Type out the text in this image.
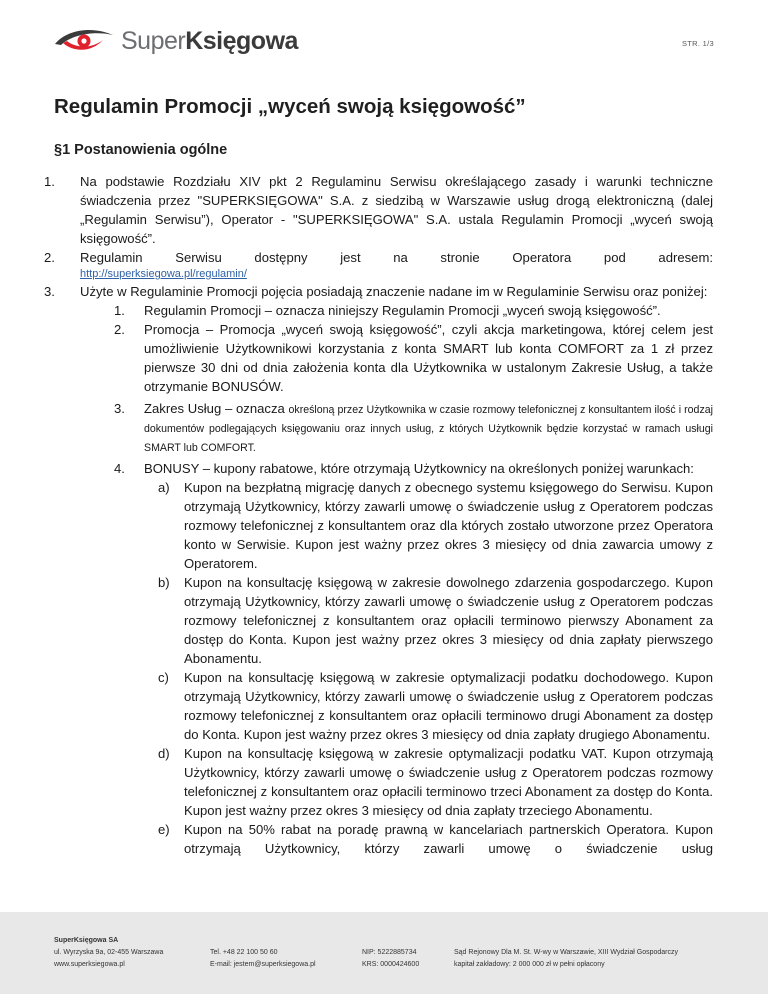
SuperKsięgowa	STR. 1/3
Regulamin Promocji „wyceń swoją księgowość”
§1 Postanowienia ogólne
1.	Na podstawie Rozdziału XIV pkt 2 Regulaminu Serwisu określającego zasady i warunki techniczne świadczenia przez "SUPERKSIĘGOWA" S.A. z siedzibą w Warszawie usług drogą elektroniczną (dalej „Regulamin Serwisu”), Operator - "SUPERKSIĘGOWA" S.A. ustala Regulamin Promocji „wyceń swoją księgowość”.
2.	Regulamin Serwisu dostępny jest na stronie Operatora pod adresem:
http://superksiegowa.pl/regulamin/
3.	Użyte w Regulaminie Promocji pojęcia posiadają znaczenie nadane im w Regulaminie Serwisu oraz poniżej:
1.	Regulamin Promocji – oznacza niniejszy Regulamin Promocji „wyceń swoją księgowość”.
2.	Promocja – Promocja „wyceń swoją księgowość”, czyli akcja marketingowa, której celem jest umożliwienie Użytkownikowi korzystania z konta SMART lub konta COMFORT za 1 zł przez pierwsze 30 dni od dnia założenia konta dla Użytkownika w ustalonym Zakresie Usług, a także otrzymanie BONUSÓW.
3.	Zakres Usług – oznacza określoną przez Użytkownika w czasie rozmowy telefonicznej z konsultantem ilość i rodzaj dokumentów podlegających księgowaniu oraz innych usług, z których Użytkownik będzie korzystać w ramach usługi SMART lub COMFORT.
4.	BONUSY – kupony rabatowe, które otrzymają Użytkownicy na określonych poniżej warunkach:
a)	Kupon na bezpłatną migrację danych z obecnego systemu księgowego do Serwisu. Kupon otrzymają Użytkownicy, którzy zawarli umowę o świadczenie usług z Operatorem podczas rozmowy telefonicznej z konsultantem oraz dla których zostało utworzone przez Operatora konto w Serwisie. Kupon jest ważny przez okres 3 miesięcy od dnia zawarcia umowy z Operatorem.
b)	Kupon na konsultację księgową w zakresie dowolnego zdarzenia gospodarczego. Kupon otrzymają Użytkownicy, którzy zawarli umowę o świadczenie usług z Operatorem podczas rozmowy telefonicznej z konsultantem oraz opłacili terminowo pierwszy Abonament za dostęp do Konta. Kupon jest ważny przez okres 3 miesięcy od dnia zapłaty pierwszego Abonamentu.
c)	Kupon na konsultację księgową w zakresie optymalizacji podatku dochodowego. Kupon otrzymają Użytkownicy, którzy zawarli umowę o świadczenie usług z Operatorem podczas rozmowy telefonicznej z konsultantem oraz opłacili terminowo drugi Abonament za dostęp do Konta. Kupon jest ważny przez okres 3 miesięcy od dnia zapłaty drugiego Abonamentu.
d)	Kupon na konsultację księgową w zakresie optymalizacji podatku VAT. Kupon otrzymają Użytkownicy, którzy zawarli umowę o świadczenie usług z Operatorem podczas rozmowy telefonicznej z konsultantem oraz opłacili terminowo trzeci Abonament za dostęp do Konta. Kupon jest ważny przez okres 3 miesięcy od dnia zapłaty trzeciego Abonamentu.
e)	Kupon na 50% rabat na poradę prawną w kancelariach partnerskich Operatora. Kupon otrzymają Użytkownicy, którzy zawarli umowę o świadczenie usług
SuperKsięgowa SA
ul. Wyrzyska 9a, 02-455 Warszawa
www.superksiegowa.pl
Tel. +48 22 100 50 60
E-mail: jestem@superksiegowa.pl
NIP: 5222885734
KRS: 0000424600
Sąd Rejonowy Dla M. St. W-wy w Warszawie, XIII Wydział Gospodarczy
kapitał zakładowy: 2 000 000 zł w pełni opłacony
